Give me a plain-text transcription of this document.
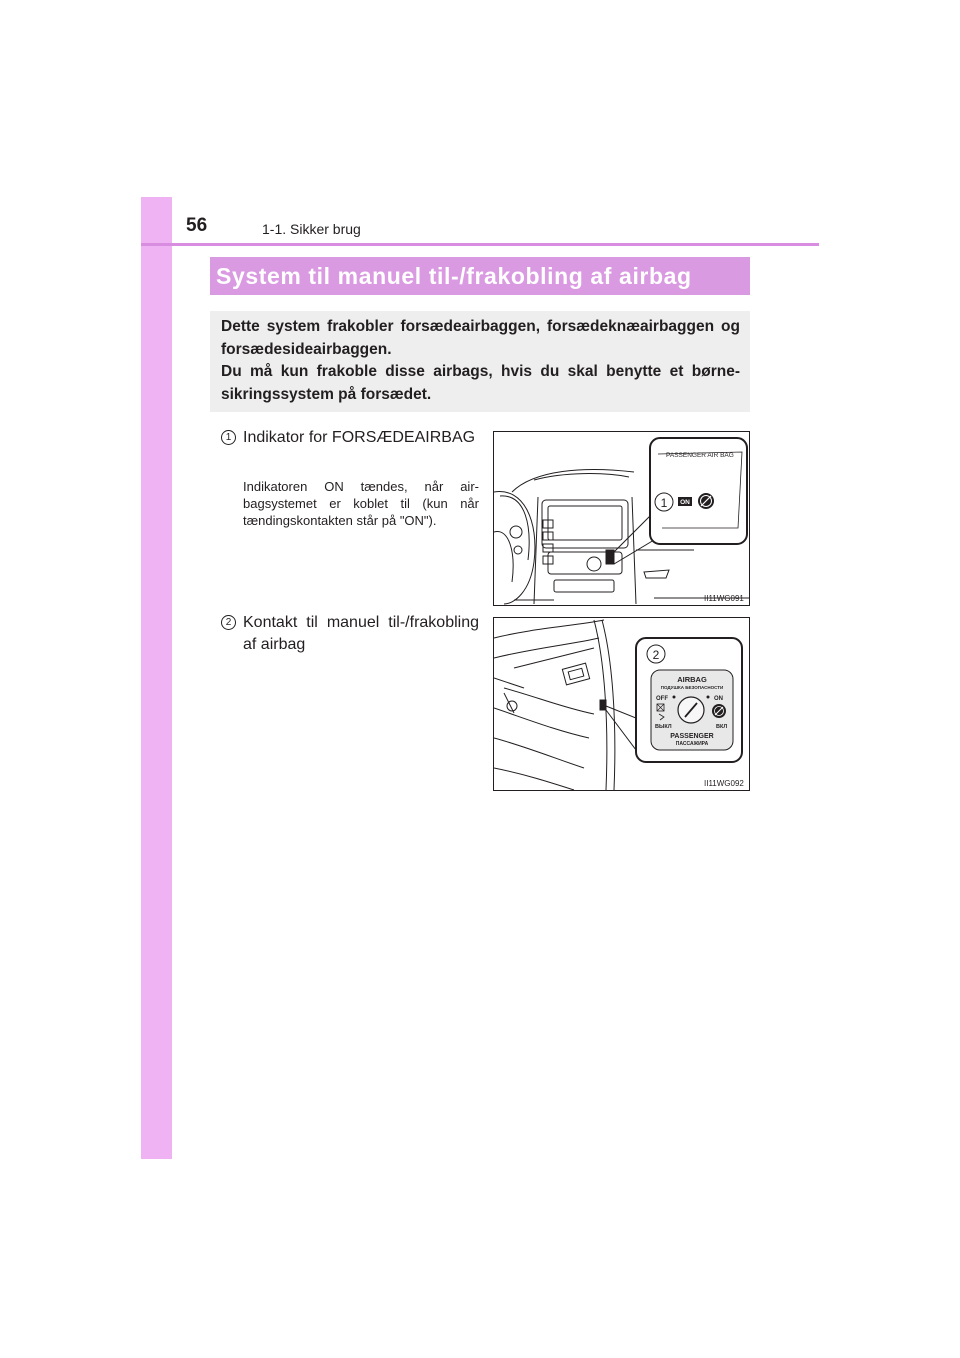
56	1-1. Sikker brug
System til manuel til-/frakobling af airbag

Dette system frakobler forsædeairbaggen, forsædeknæairbaggen og forsædesideairbaggen.

Du må kun frakoble disse airbags, hvis du skal benytte et børnesikringssystem på forsædet.

1 Indikator for FORSÆDEAIRBAG
Indikatoren ON tændes, når airbagsystemet er koblet til (kun når tændingskontakten står på "ON").
2 Kontakt til manuel til-/frakobling af airbag
PASSENGER AIR BAG
1 ON
II11WG091
2
AIRBAG
ПОДУШКА БЕЗОПАСНОСТИ
OFF	ON
ВЫКЛ	ВКЛ
PASSENGER
ПАССАЖИРА
II11WG092
